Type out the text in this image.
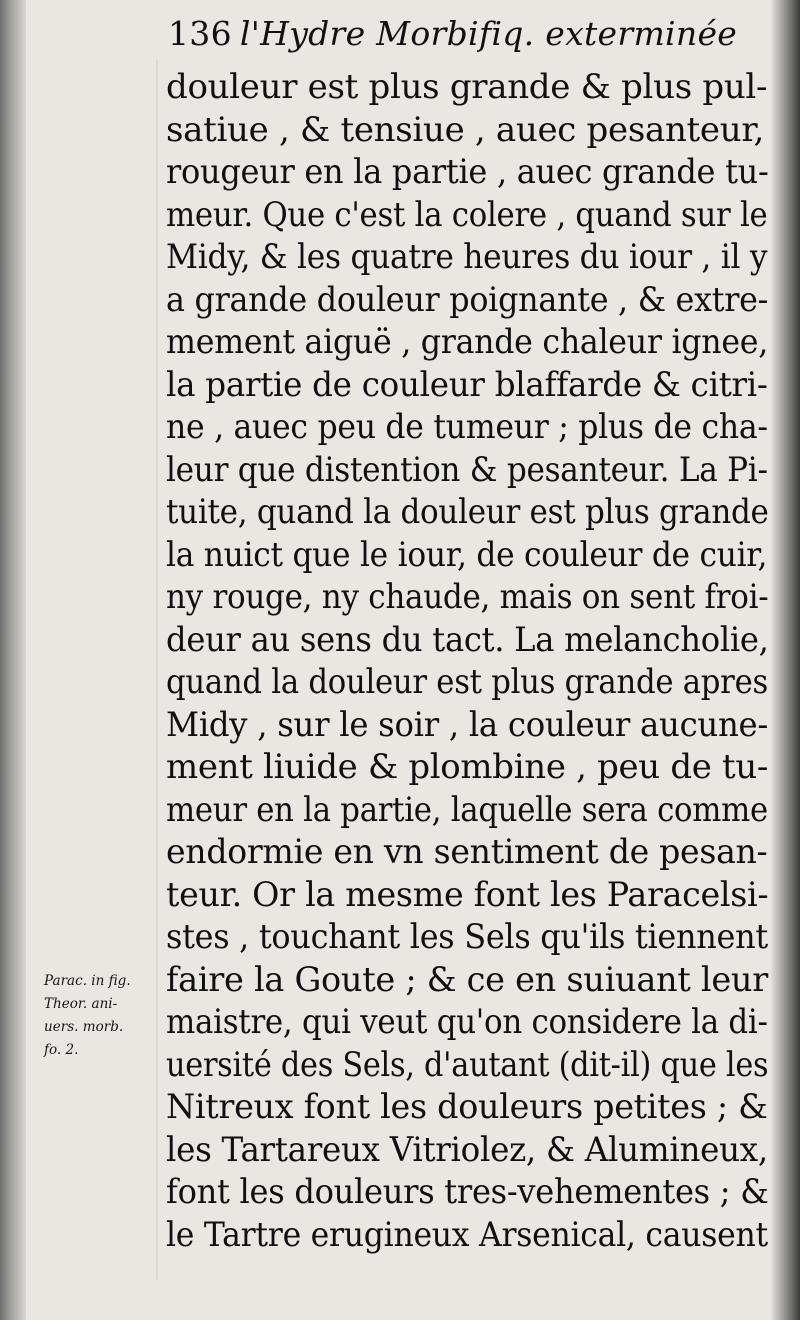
136 l'Hydre Morbifiq. exterminée
douleur est plus grande & plus pul-
satiue , & tensiue , auec pesanteur,
rougeur en la partie , auec grande tu-
meur. Que c'est la colere , quand sur le
Midy, & les quatre heures du iour , il y
a grande douleur poignante , & extre-
mement aiguë , grande chaleur ignee,
la partie de couleur blaffarde & citri-
ne , auec peu de tumeur ; plus de cha-
leur que distention & pesanteur. La Pi-
tuite, quand la douleur est plus grande
la nuict que le iour, de couleur de cuir,
ny rouge, ny chaude, mais on sent froi-
deur au sens du tact. La melancholie,
quand la douleur est plus grande apres
Midy , sur le soir , la couleur aucune-
ment liuide & plombine , peu de tu-
meur en la partie, laquelle sera comme
endormie en vn sentiment de pesan-
teur. Or la mesme font les Paracelsi-
stes , touchant les Sels qu'ils tiennent
faire la Goute ; & ce en suiuant leur
maistre, qui veut qu'on considere la di-
uersité des Sels, d'autant (dit-il) que les
Nitreux font les douleurs petites ; &
les Tartareux Vitriolez, & Alumineux,
font les douleurs tres-vehementes ; &
le Tartre erugineux Arsenical, causent
Parac. in fig.
Theor. ani-
uers. morb.
fo. 2.
